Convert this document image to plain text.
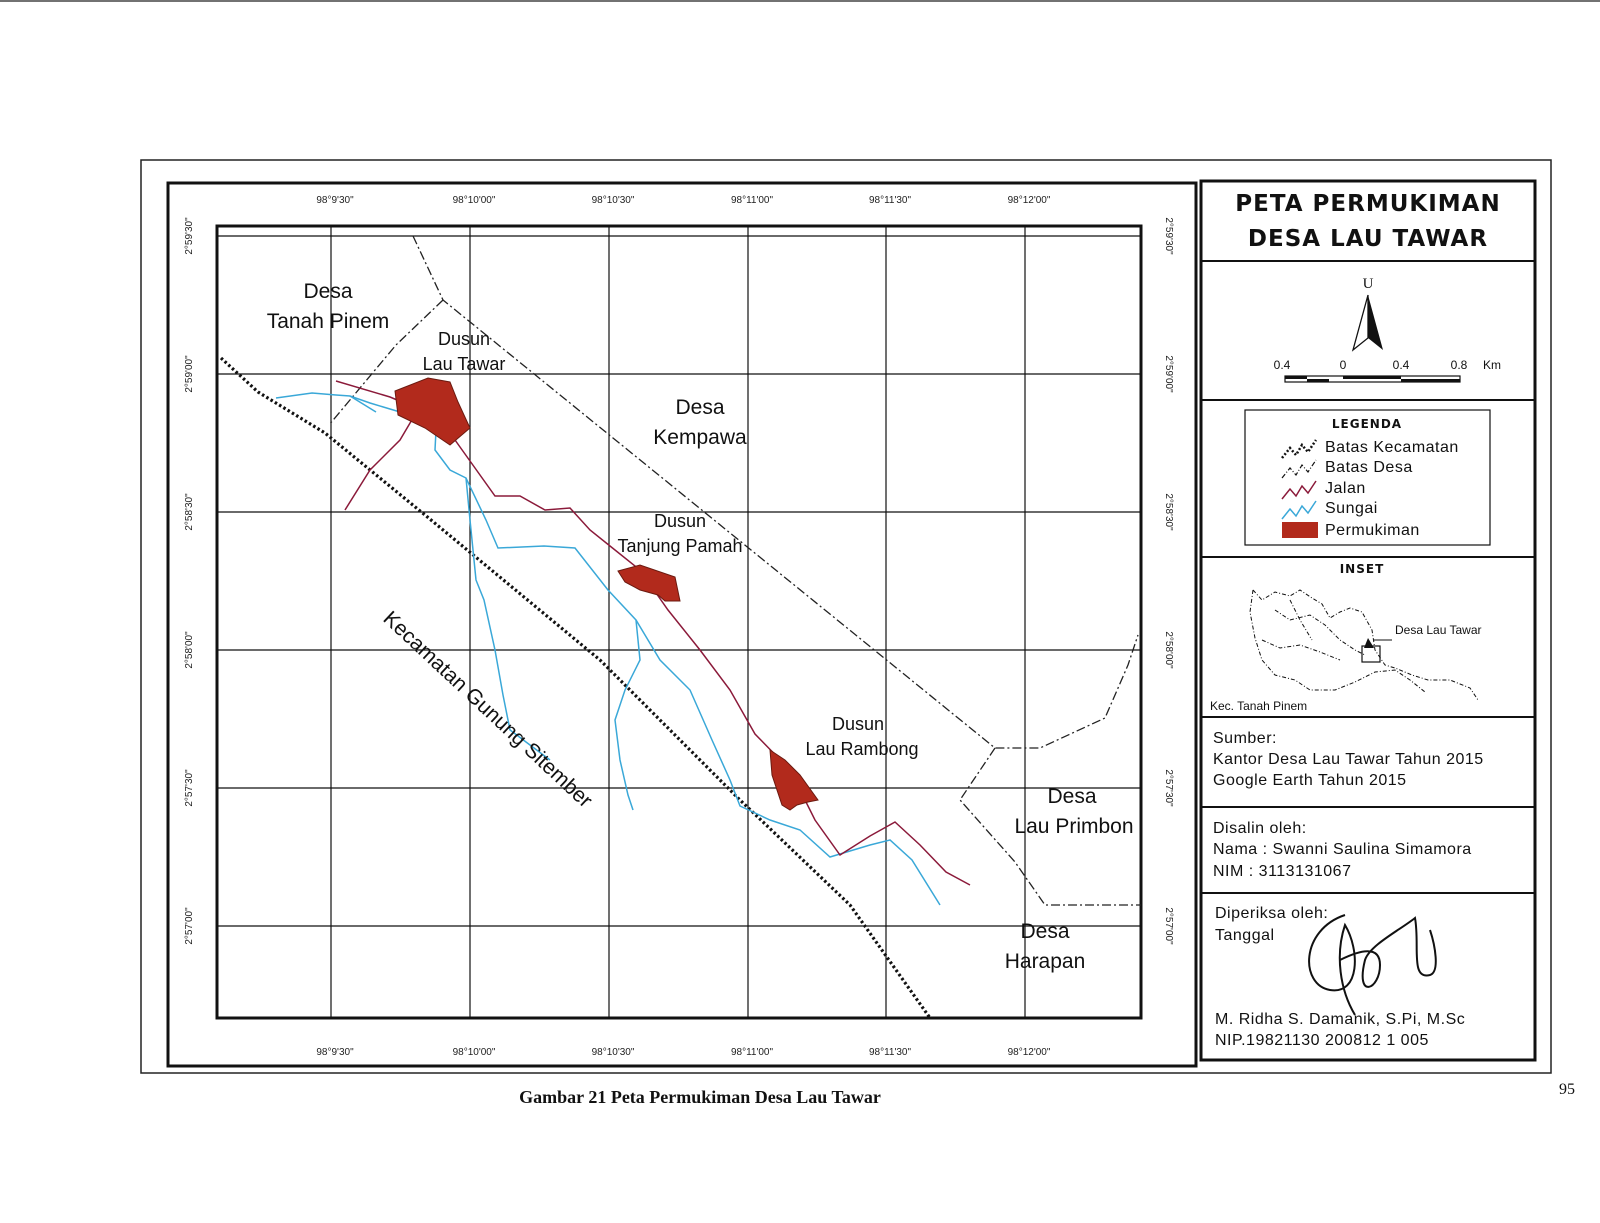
98°9'30"	98°10'00"	98°10'30"	98°11'00"	98°11'30"	98°12'00"
98°9'30"	98°10'00"	98°10'30"	98°11'00"	98°11'30"	98°12'00"
2°59'30"
2°59'00"
2°58'30"
2°58'00"
2°57'30"
2°57'00"
2°59'30"
2°59'00"
2°58'30"
2°58'00"
2°57'30"
2°57'00"
Desa
Tanah Pinem
Dusun
Lau Tawar
Desa
Kempawa
Dusun
Tanjung Pamah
Dusun
Lau Rambong
Desa
Lau Primbon
Desa
Harapan
Kecamatan Gunung Sitember
PETA PERMUKIMAN
DESA LAU TAWAR
U
0.4	0	0.4	0.8 Km
LEGENDA
Batas Kecamatan
Batas Desa
Jalan
Sungai
Permukiman
INSET
Desa Lau Tawar
Kec. Tanah Pinem
Sumber:
Kantor Desa Lau Tawar Tahun 2015
Google Earth Tahun 2015
Disalin oleh:
Nama : Swanni Saulina Simamora
NIM : 3113131067
Diperiksa oleh:
Tanggal
M. Ridha S. Damanik, S.Pi, M.Sc
NIP.19821130 200812 1 005
Gambar 21 Peta Permukiman Desa Lau Tawar	95
